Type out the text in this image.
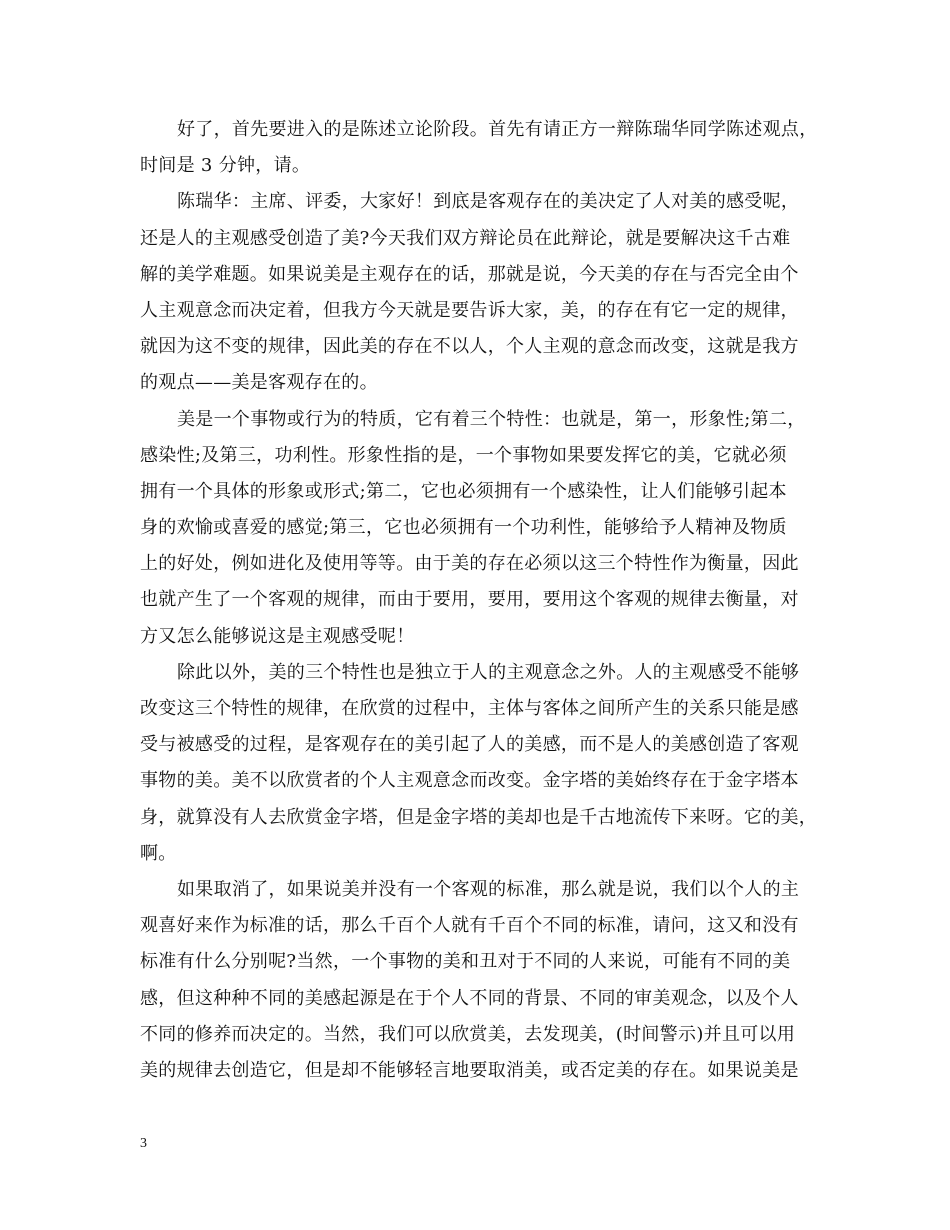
好了，首先要进入的是陈述立论阶段。首先有请正方一辩陈瑞华同学陈述观点，
时间是 3 分钟，请。
陈瑞华：主席、评委，大家好！到底是客观存在的美决定了人对美的感受呢，
还是人的主观感受创造了美?今天我们双方辩论员在此辩论，就是要解决这千古难
解的美学难题。如果说美是主观存在的话，那就是说，今天美的存在与否完全由个
人主观意念而决定着，但我方今天就是要告诉大家，美，的存在有它一定的规律，
就因为这不变的规律，因此美的存在不以人，个人主观的意念而改变，这就是我方
的观点——美是客观存在的。
美是一个事物或行为的特质，它有着三个特性：也就是，第一，形象性;第二，
感染性;及第三，功利性。形象性指的是，一个事物如果要发挥它的美，它就必须
拥有一个具体的形象或形式;第二，它也必须拥有一个感染性，让人们能够引起本
身的欢愉或喜爱的感觉;第三，它也必须拥有一个功利性，能够给予人精神及物质
上的好处，例如进化及使用等等。由于美的存在必须以这三个特性作为衡量，因此
也就产生了一个客观的规律，而由于要用，要用，要用这个客观的规律去衡量，对
方又怎么能够说这是主观感受呢！
除此以外，美的三个特性也是独立于人的主观意念之外。人的主观感受不能够
改变这三个特性的规律，在欣赏的过程中，主体与客体之间所产生的关系只能是感
受与被感受的过程，是客观存在的美引起了人的美感，而不是人的美感创造了客观
事物的美。美不以欣赏者的个人主观意念而改变。金字塔的美始终存在于金字塔本
身，就算没有人去欣赏金字塔，但是金字塔的美却也是千古地流传下来呀。它的美，
啊。
如果取消了，如果说美并没有一个客观的标准，那么就是说，我们以个人的主
观喜好来作为标准的话，那么千百个人就有千百个不同的标准，请问，这又和没有
标准有什么分别呢?当然，一个事物的美和丑对于不同的人来说，可能有不同的美
感，但这种种不同的美感起源是在于个人不同的背景、不同的审美观念，以及个人
不同的修养而决定的。当然，我们可以欣赏美，去发现美，(时间警示)并且可以用
美的规律去创造它，但是却不能够轻言地要取消美，或否定美的存在。如果说美是
3
